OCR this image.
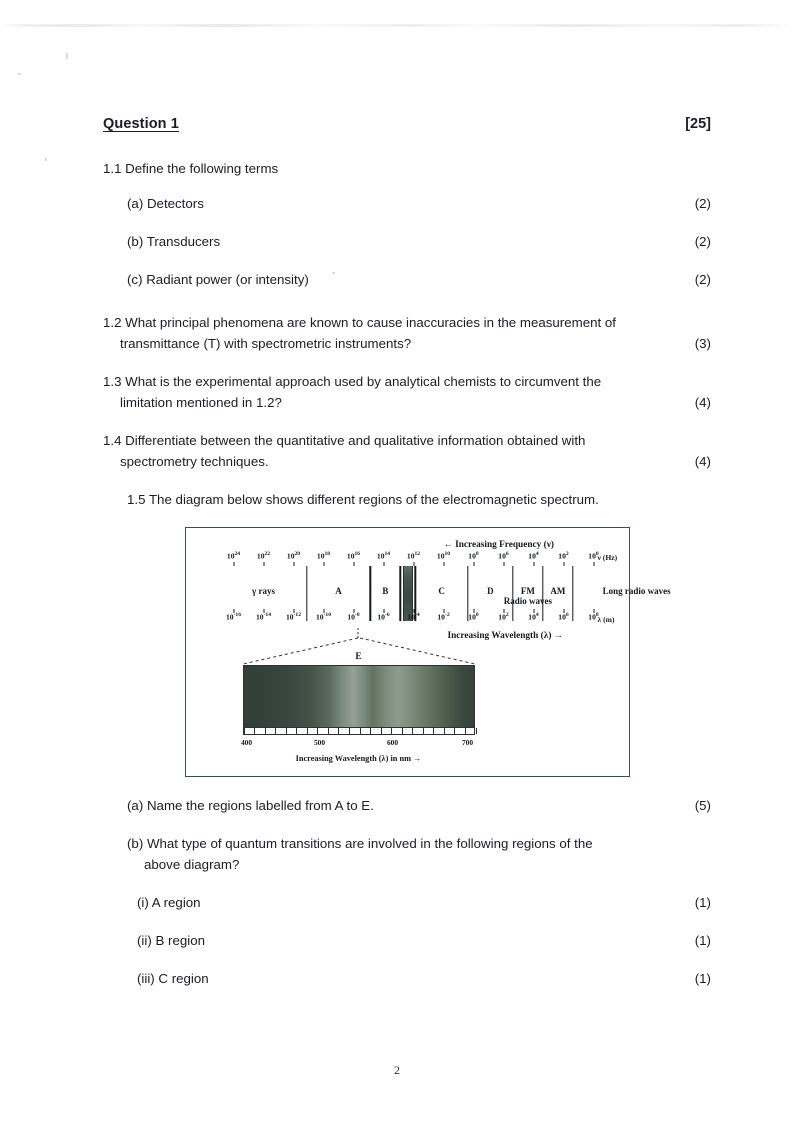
Question 1	[25]
1.1 Define the following terms
(a) Detectors	(2)
(b) Transducers	(2)
(c) Radiant power (or intensity)	(2)
1.2 What principal phenomena are known to cause inaccuracies in the measurement of
transmittance (T) with spectrometric instruments?	(3)
1.3 What is the experimental approach used by analytical chemists to circumvent the
limitation mentioned in 1.2?	(4)
1.4 Differentiate between the quantitative and qualitative information obtained with
spectrometry techniques.	(4)
1.5 The diagram below shows different regions of the electromagnetic spectrum.
← Increasing Frequency (ν)
$10^{24}$ $10^{22}$ $10^{20}$ $10^{18}$ $10^{16}$ $10^{14}$ $10^{12}$ $10^{10}$ $10^8$	$10^6$	$10^4$	$10^2$	$10^0$
ν (Hz)
γ rays	A	B	C	D	FM
Radio waves
AM	Long radio waves
$10^{-16}$ $10^{-14}$ $10^{-12}$ $10^{-10}$ $10^{-8}$ $10^{-6}$ $10^{-4}$ $10^{-2}$ $10^0$	$10^2$	$10^4$	$10^6$	$10^8$
λ (m)
Increasing Wavelength (λ) →
E
400	500	600	700
Increasing Wavelength (λ) in nm →
(a) Name the regions labelled from A to E.	(5)
(b) What type of quantum transitions are involved in the following regions of the
above diagram?
(i) A region	(1)
(ii) B region	(1)
(iii) C region	(1)
2
